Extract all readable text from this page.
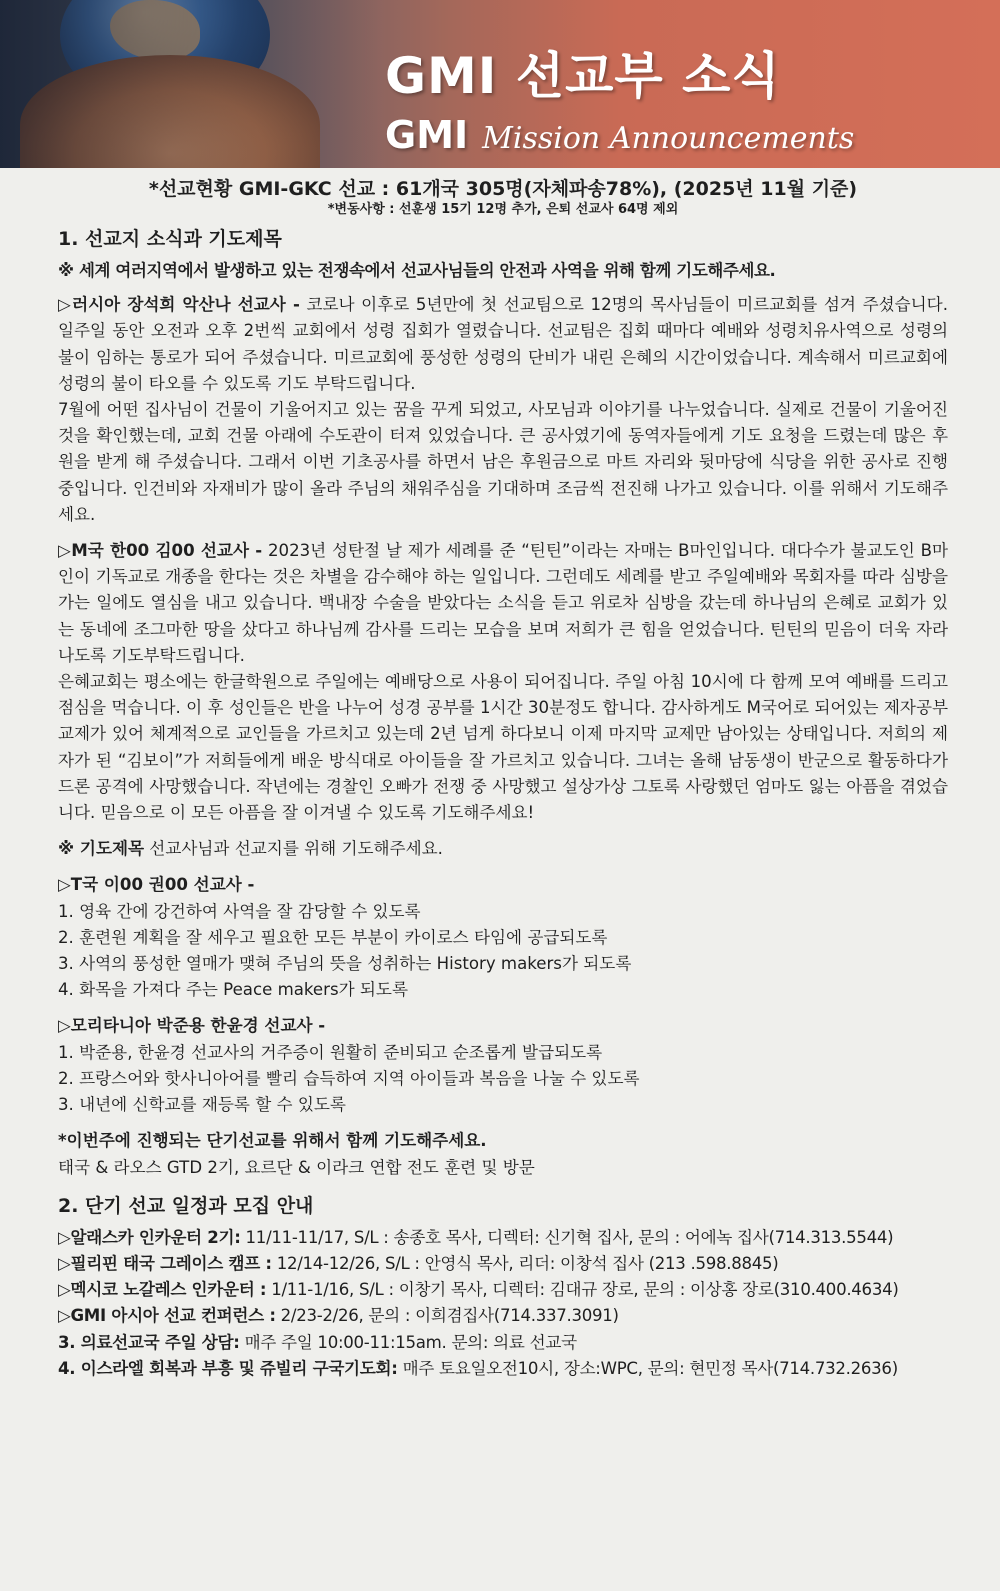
GMI 선교부 소식
GMI Mission Announcements
*선교현황 GMI-GKC 선교 : 61개국 305명(자체파송78%), (2025년 11월 기준)
*변동사항 : 선훈생 15기 12명 추가, 은퇴 선교사 64명 제외
1. 선교지 소식과 기도제목
※ 세계 여러지역에서 발생하고 있는 전쟁속에서 선교사님들의 안전과 사역을 위해 함께 기도해주세요.

▷러시아 장석희 악산나 선교사 - 코로나 이후로 5년만에 첫 선교팀으로 12명의 목사님들이 미르교회를 섬겨 주셨습니다. 일주일 동안 오전과 오후 2번씩 교회에서 성령 집회가 열렸습니다. 선교팀은 집회 때마다 예배와 성령치유사역으로 성령의 불이 임하는 통로가 되어 주셨습니다. 미르교회에 풍성한 성령의 단비가 내린 은혜의 시간이었습니다. 계속해서 미르교회에 성령의 불이 타오를 수 있도록 기도 부탁드립니다.

7월에 어떤 집사님이 건물이 기울어지고 있는 꿈을 꾸게 되었고, 사모님과 이야기를 나누었습니다. 실제로 건물이 기울어진 것을 확인했는데, 교회 건물 아래에 수도관이 터져 있었습니다. 큰 공사였기에 동역자들에게 기도 요청을 드렸는데 많은 후원을 받게 해 주셨습니다. 그래서 이번 기초공사를 하면서 남은 후원금으로 마트 자리와 뒷마당에 식당을 위한 공사로 진행중입니다. 인건비와 자재비가 많이 올라 주님의 채워주심을 기대하며 조금씩 전진해 나가고 있습니다. 이를 위해서 기도해주세요.

▷M국 한00 김00 선교사 - 2023년 성탄절 날 제가 세례를 준 “틴틴”이라는 자매는 B마인입니다. 대다수가 불교도인 B마인이 기독교로 개종을 한다는 것은 차별을 감수해야 하는 일입니다. 그런데도 세례를 받고 주일예배와 목회자를 따라 심방을 가는 일에도 열심을 내고 있습니다. 백내장 수술을 받았다는 소식을 듣고 위로차 심방을 갔는데 하나님의 은혜로 교회가 있는 동네에 조그마한 땅을 샀다고 하나님께 감사를 드리는 모습을 보며 저희가 큰 힘을 얻었습니다. 틴틴의 믿음이 더욱 자라나도록 기도부탁드립니다.

은혜교회는 평소에는 한글학원으로 주일에는 예배당으로 사용이 되어집니다. 주일 아침 10시에 다 함께 모여 예배를 드리고 점심을 먹습니다. 이 후 성인들은 반을 나누어 성경 공부를 1시간 30분정도 합니다. 감사하게도 M국어로 되어있는 제자공부 교제가 있어 체계적으로 교인들을 가르치고 있는데 2년 넘게 하다보니 이제 마지막 교제만 남아있는 상태입니다. 저희의 제자가 된 “김보이”가 저희들에게 배운 방식대로 아이들을 잘 가르치고 있습니다. 그녀는 올해 남동생이 반군으로 활동하다가 드론 공격에 사망했습니다. 작년에는 경찰인 오빠가 전쟁 중 사망했고 설상가상 그토록 사랑했던 엄마도 잃는 아픔을 겪었습니다. 믿음으로 이 모든 아픔을 잘 이겨낼 수 있도록 기도해주세요!

※ 기도제목 선교사님과 선교지를 위해 기도해주세요.

▷T국 이00 권00 선교사 -
1. 영육 간에 강건하여 사역을 잘 감당할 수 있도록
2. 훈련원 계획을 잘 세우고 필요한 모든 부분이 카이로스 타임에 공급되도록
3. 사역의 풍성한 열매가 맺혀 주님의 뜻을 성취하는 History makers가 되도록
4. 화목을 가져다 주는 Peace makers가 되도록
▷모리타니아 박준용 한윤경 선교사 -
1. 박준용, 한윤경 선교사의 거주증이 원활히 준비되고 순조롭게 발급되도록
2. 프랑스어와 핫사니아어를 빨리 습득하여 지역 아이들과 복음을 나눌 수 있도록
3. 내년에 신학교를 재등록 할 수 있도록
*이번주에 진행되는 단기선교를 위해서 함께 기도해주세요.

태국 & 라오스 GTD 2기, 요르단 & 이라크 연합 전도 훈련 및 방문

2. 단기 선교 일정과 모집 안내

▷알래스카 인카운터 2기: 11/11-11/17, S/L : 송종호 목사, 디렉터: 신기혁 집사, 문의 : 어에녹 집사(714.313.5544)

▷필리핀 태국 그레이스 캠프 : 12/14-12/26, S/L : 안영식 목사, 리더: 이창석 집사 (213 .598.8845)

▷멕시코 노갈레스 인카운터 : 1/11-1/16, S/L : 이창기 목사, 디렉터: 김대규 장로, 문의 : 이상홍 장로(310.400.4634)

▷GMI 아시아 선교 컨퍼런스 : 2/23-2/26, 문의 : 이희겸집사(714.337.3091)

3. 의료선교국 주일 상담: 매주 주일 10:00-11:15am. 문의: 의료 선교국

4. 이스라엘 회복과 부흥 및 쥬빌리 구국기도회: 매주 토요일오전10시, 장소:WPC, 문의: 현민정 목사(714.732.2636)
